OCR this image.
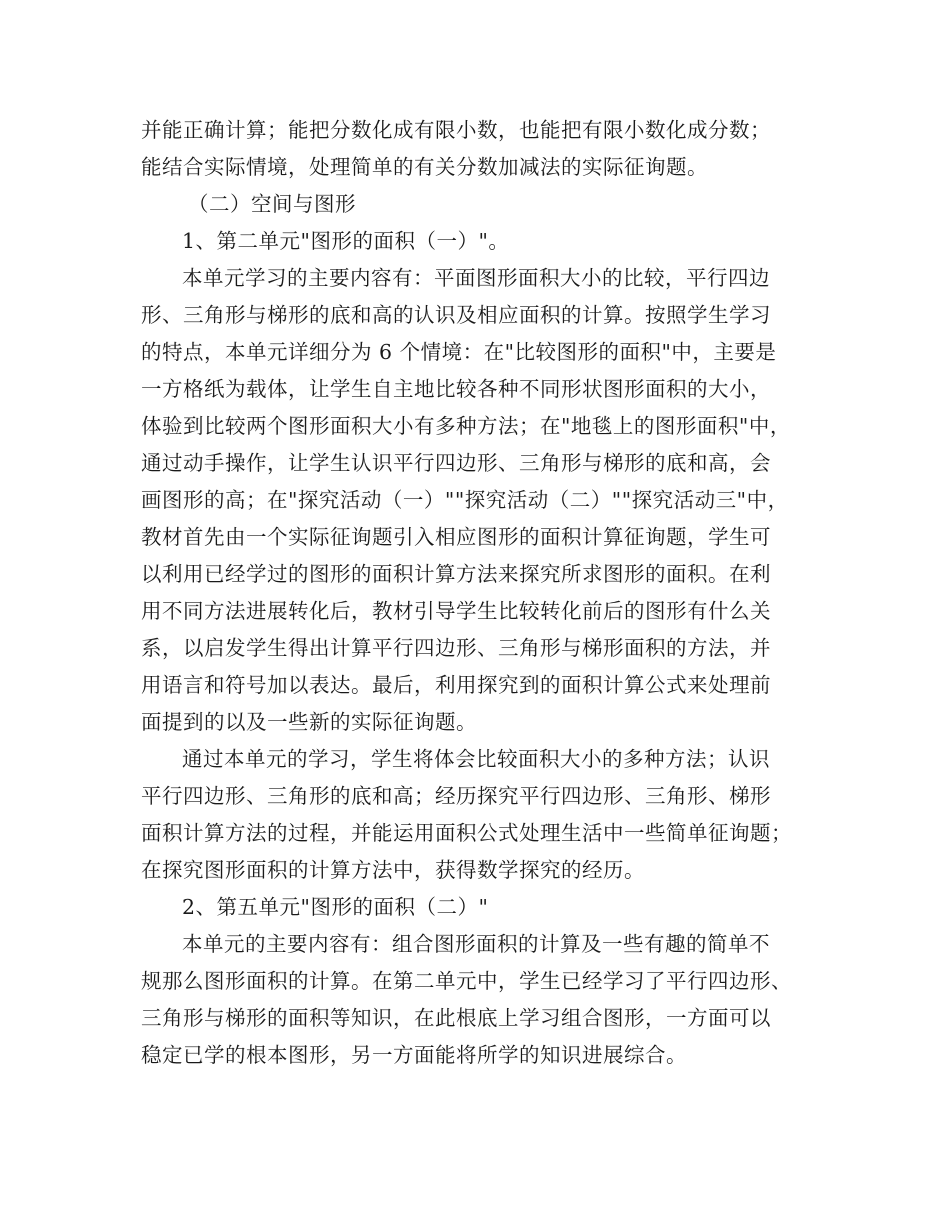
并能正确计算；能把分数化成有限小数，也能把有限小数化成分数；
能结合实际情境，处理简单的有关分数加减法的实际征询题。
（二）空间与图形
1、第二单元"图形的面积（一）"。
本单元学习的主要内容有：平面图形面积大小的比较，平行四边
形、三角形与梯形的底和高的认识及相应面积的计算。按照学生学习
的特点，本单元详细分为 6 个情境：在"比较图形的面积"中，主要是
一方格纸为载体，让学生自主地比较各种不同形状图形面积的大小，
体验到比较两个图形面积大小有多种方法；在"地毯上的图形面积"中，
通过动手操作，让学生认识平行四边形、三角形与梯形的底和高，会
画图形的高；在"探究活动（一）""探究活动（二）""探究活动三"中，
教材首先由一个实际征询题引入相应图形的面积计算征询题，学生可
以利用已经学过的图形的面积计算方法来探究所求图形的面积。在利
用不同方法进展转化后，教材引导学生比较转化前后的图形有什么关
系，以启发学生得出计算平行四边形、三角形与梯形面积的方法，并
用语言和符号加以表达。最后，利用探究到的面积计算公式来处理前
面提到的以及一些新的实际征询题。
通过本单元的学习，学生将体会比较面积大小的多种方法；认识
平行四边形、三角形的底和高；经历探究平行四边形、三角形、梯形
面积计算方法的过程，并能运用面积公式处理生活中一些简单征询题；
在探究图形面积的计算方法中，获得数学探究的经历。
2、第五单元"图形的面积（二）"
本单元的主要内容有：组合图形面积的计算及一些有趣的简单不
规那么图形面积的计算。在第二单元中，学生已经学习了平行四边形、
三角形与梯形的面积等知识，在此根底上学习组合图形，一方面可以
稳定已学的根本图形，另一方面能将所学的知识进展综合。
